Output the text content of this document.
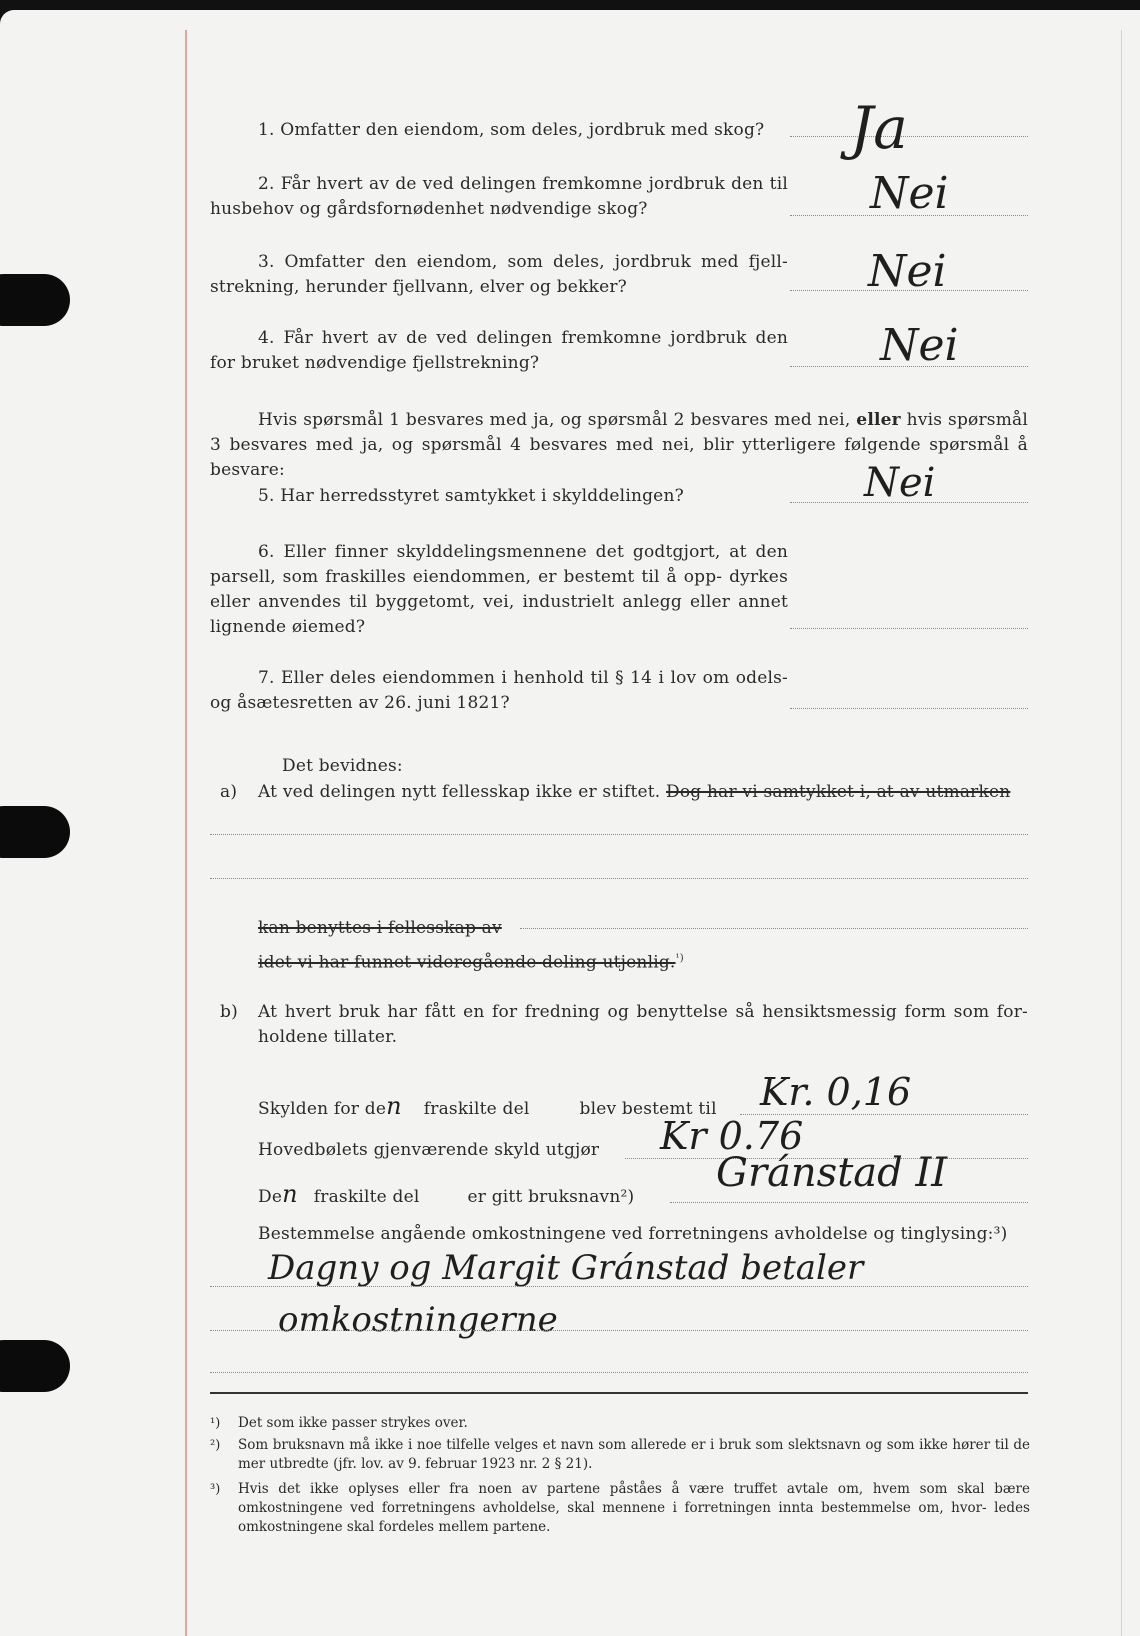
1. Omfatter den eiendom, som deles, jordbruk med skog?	Ja

2. Får hvert av de ved delingen fremkomne jordbruk den til husbehov og gårdsfornødenhet nødvendige skog?	Nei

3. Omfatter den eiendom, som deles, jordbruk med fjell- strekning, herunder fjellvann, elver og bekker?	Nei

4. Får hvert av de ved delingen fremkomne jordbruk den for bruket nødvendige fjellstrekning?	Nei

Hvis spørsmål 1 besvares med ja, og spørsmål 2 besvares med nei, eller hvis spørsmål 3 besvares med ja, og spørsmål 4 besvares med nei, blir ytterligere følgende spørsmål å besvare:

5. Har herredsstyret samtykket i skylddelingen?	Nei

6. Eller finner skylddelingsmennene det godtgjort, at den parsell, som fraskilles eiendommen, er bestemt til å opp- dyrkes eller anvendes til byggetomt, vei, industrielt anlegg eller annet lignende øiemed?

7. Eller deles eiendommen i henhold til § 14 i lov om odels- og åsætesretten av 26. juni 1821?

Det bevidnes:

a) At ved delingen nytt fellesskap ikke er stiftet. Dog har vi samtykket i, at av utmarken

kan benyttes i fellesskap av

idet vi har funnet videregående deling utjenlig.$^{^1)}$

b) At hvert bruk har fått en for fredning og benyttelse så hensiktsmessig form som for- holdene tillater.

Skylden for den fraskilte del	blev bestemt til Kr. 0,16

Hovedbølets gjenværende skyld utgjør Kr 0.76

Den fraskilte del	er gitt bruksnavn²)

Gránstad II

Bestemmelse angående omkostningene ved forretningens avholdelse og tinglysing:³)

Dagny og Margit Gránstad betaler
omkostningerne
¹) Det som ikke passer strykes over.
²) Som bruksnavn må ikke i noe tilfelle velges et navn som allerede er i bruk som slektsnavn og som ikke hører til de mer utbredte (jfr. lov. av 9. februar 1923 nr. 2 § 21).
³) Hvis det ikke oplyses eller fra noen av partene påståes å være truffet avtale om, hvem som skal bære omkostningene ved forretningens avholdelse, skal mennene i forretningen innta bestemmelse om, hvor- ledes omkostningene skal fordeles mellem partene.
